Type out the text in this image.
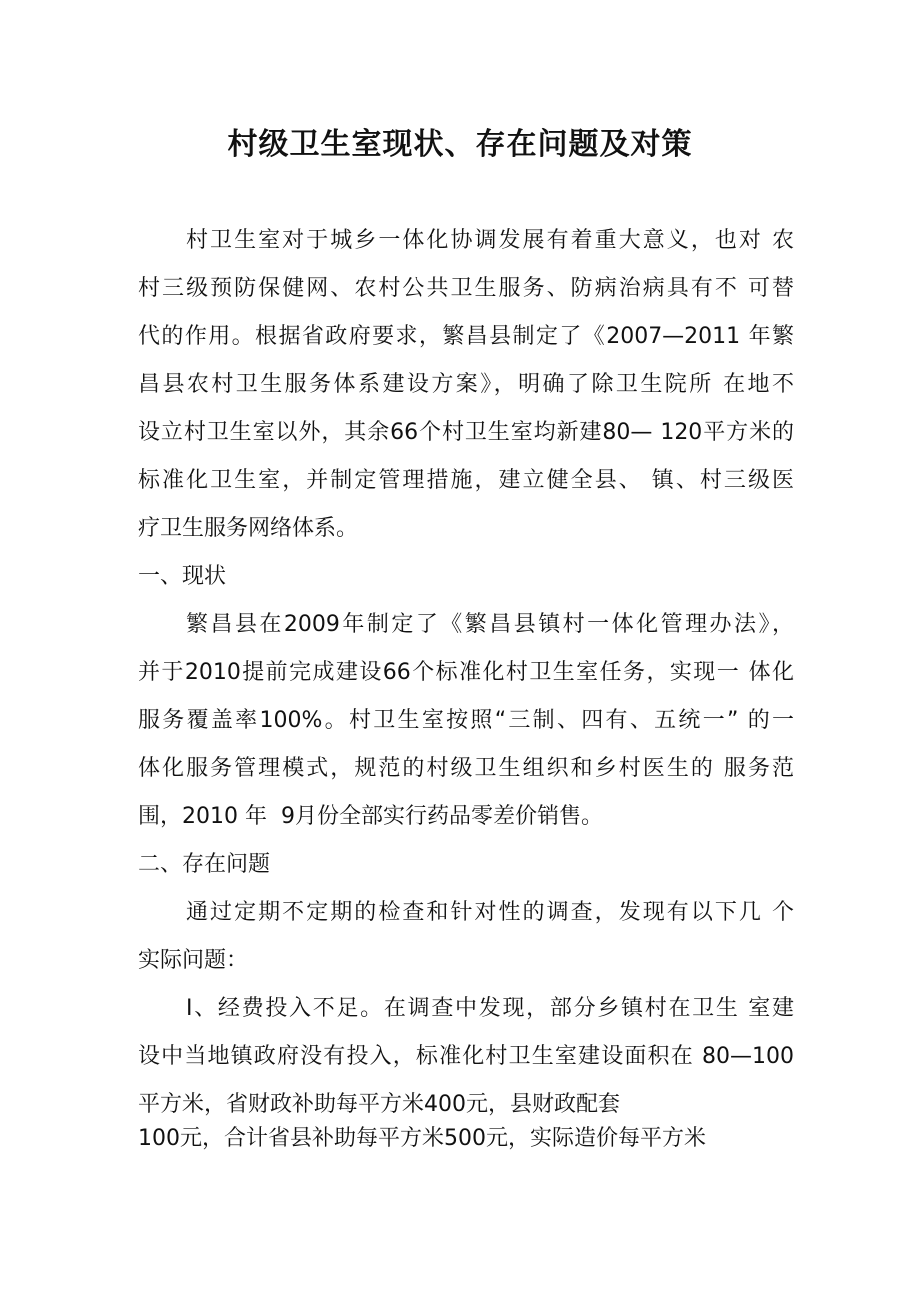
村级卫生室现状、存在问题及对策

村卫生室对于城乡一体化协调发展有着重大意义，也对 农

村三级预防保健网、农村公共卫生服务、防病治病具有不 可替

代的作用。根据省政府要求，繁昌县制定了《2007—2011 年繁

昌县农村卫生服务体系建设方案》，明确了除卫生院所 在地不

设立村卫生室以外，其余66个村卫生室均新建80— 120平方米的

标准化卫生室，并制定管理措施，建立健全县、 镇、村三级医

疗卫生服务网络体系。

一、现状

繁昌县在2009年制定了《繁昌县镇村一体化管理办法》，

并于2010提前完成建设66个标准化村卫生室任务，实现一 体化

服务覆盖率100%。村卫生室按照“三制、四有、五统一” 的一

体化服务管理模式，规范的村级卫生组织和乡村医生的 服务范

围，2010 年  9月份全部实行药品零差价销售。

二、存在问题

通过定期不定期的检查和针对性的调查，发现有以下几 个

实际问题：

I、经费投入不足。在调查中发现，部分乡镇村在卫生 室建

设中当地镇政府没有投入，标准化村卫生室建设面积在 80—100

平方米，省财政补助每平方米400元，县财政配套

100元，合计省县补助每平方米500元，实际造价每平方米
